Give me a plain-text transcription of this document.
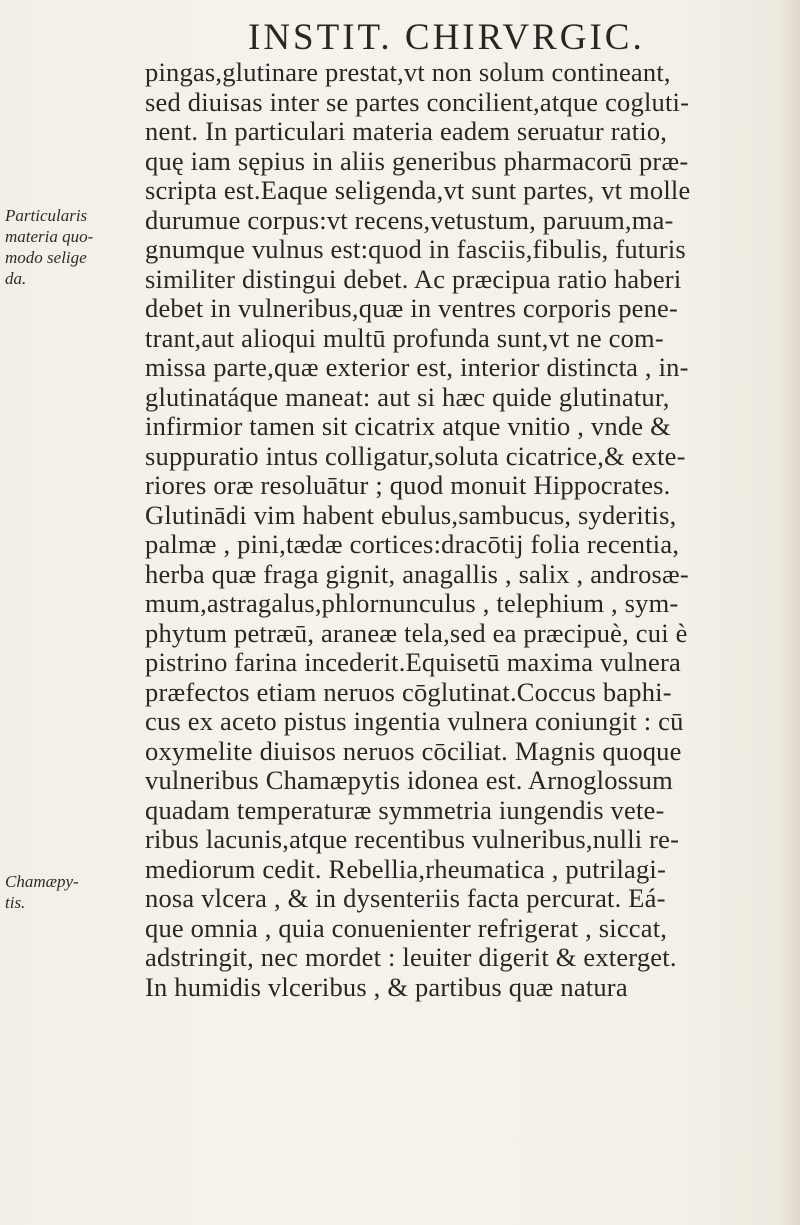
INSTIT. CHIRVRGIC.
Particularis
materia quo-
modo selige
da.
Chamæpy-
tis.
pingas,glutinare prestat,vt non solum contineant,
sed diuisas inter se partes concilient,atque cogluti-
nent. In particulari materia eadem seruatur ratio,
quę iam sępius in aliis generibus pharmacorū præ-
scripta est.Eaque seligenda,vt sunt partes, vt molle
durumue corpus:vt recens,vetustum, paruum,ma-
gnumque vulnus est:quod in fasciis,fibulis, futuris
similiter distingui debet. Ac præcipua ratio haberi
debet in vulneribus,quæ in ventres corporis pene-
trant,aut alioqui multū profunda sunt,vt ne com-
missa parte,quæ exterior est, interior distincta , in-
glutinatáque maneat: aut si hæc quide glutinatur,
infirmior tamen sit cicatrix atque vnitio , vnde &
suppuratio intus colligatur,soluta cicatrice,& exte-
riores oræ resoluātur ; quod monuit Hippocrates.
Glutinādi vim habent ebulus,sambucus, syderitis,
palmæ , pini,tædæ cortices:dracōtij folia recentia,
herba quæ fraga gignit, anagallis , salix , androsæ-
mum,astragalus,phlornunculus , telephium , sym-
phytum petræū, araneæ tela,sed ea præcipuè, cui è
pistrino farina incederit.Equisetū maxima vulnera
præfectos etiam neruos cōglutinat.Coccus baphi-
cus ex aceto pistus ingentia vulnera coniungit : cū
oxymelite diuisos neruos cōciliat. Magnis quoque
vulneribus Chamæpytis idonea est. Arnoglossum
quadam temperaturæ symmetria iungendis vete-
ribus lacunis,atque recentibus vulneribus,nulli re-
mediorum cedit. Rebellia,rheumatica , putrilagi-
nosa vlcera , & in dysenteriis facta percurat. Eá-
que omnia , quia conuenienter refrigerat , siccat,
adstringit, nec mordet : leuiter digerit & exterget.
In humidis vlceribus , & partibus quæ natura
